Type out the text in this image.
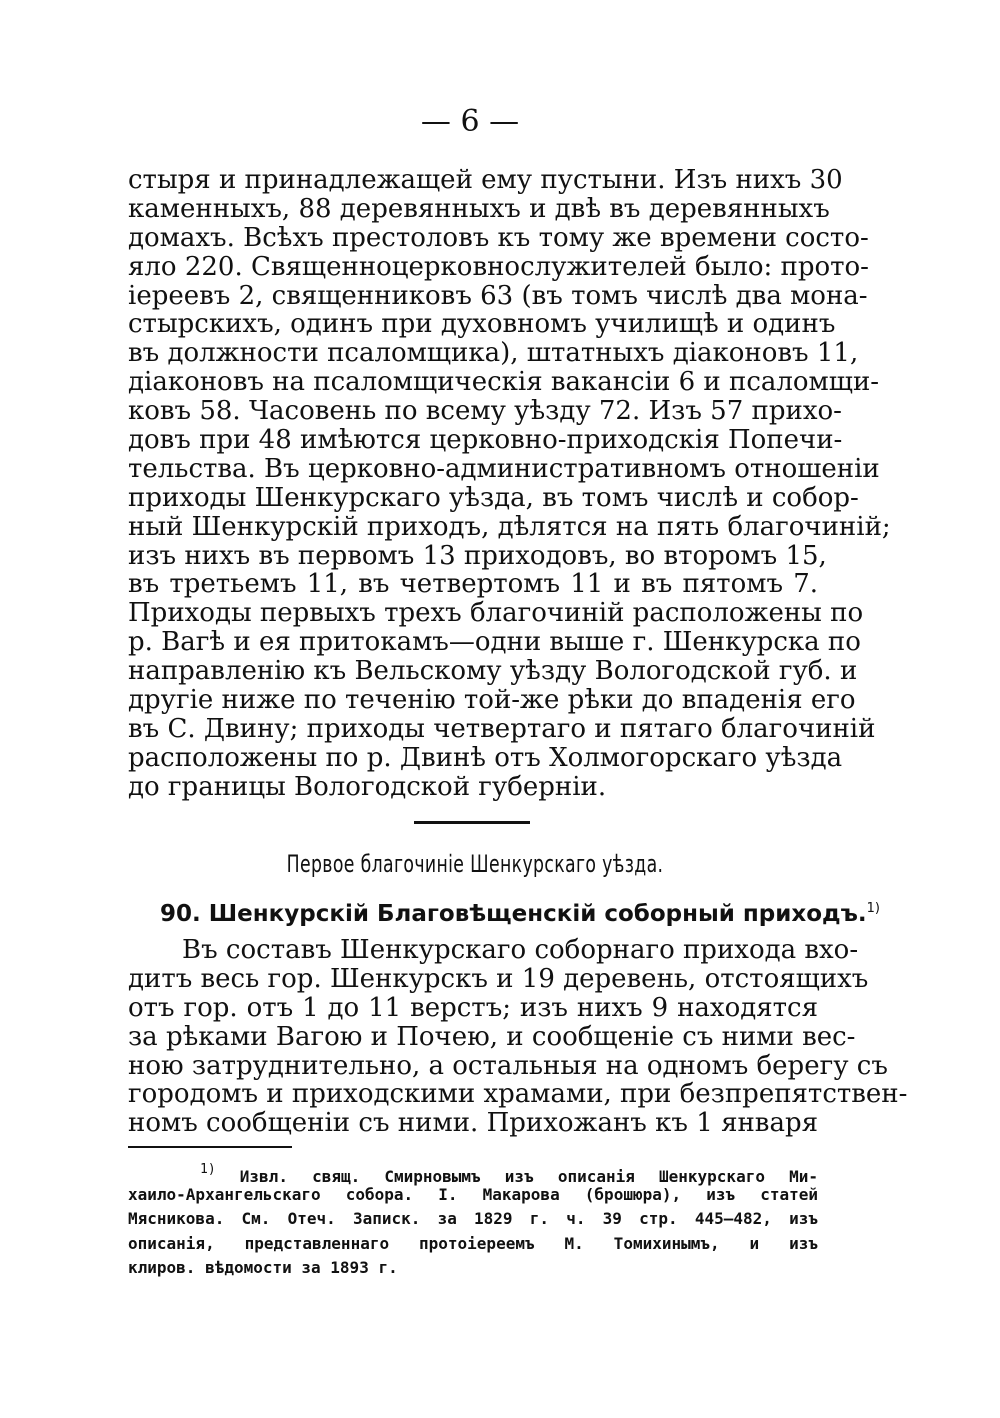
— 6 —
стыря и принадлежащей ему пустыни. Изъ нихъ 30
каменныхъ, 88 деревянныхъ и двѣ въ деревянныхъ
домахъ. Всѣхъ престоловъ къ тому же времени состо-
яло 220. Священноцерковнослужителей было: прото-
іереевъ 2, священниковъ 63 (въ томъ числѣ два мона-
стырскихъ, одинъ при духовномъ училищѣ и одинъ
въ должности псаломщика), штатныхъ діаконовъ 11,
діаконовъ на псаломщическія вакансіи 6 и псаломщи-
ковъ 58. Часовень по всему уѣзду 72. Изъ 57 прихо-
довъ при 48 имѣются церковно-приходскія Попечи-
тельства. Въ церковно-административномъ отношеніи
приходы Шенкурскаго уѣзда, въ томъ числѣ и собор-
ный Шенкурскій приходъ, дѣлятся на пять благочиній;
изъ нихъ въ первомъ 13 приходовъ, во второмъ 15,
въ третьемъ 11, въ четвертомъ 11 и въ пятомъ 7.
Приходы первыхъ трехъ благочиній расположены по
р. Вагѣ и ея притокамъ—одни выше г. Шенкурска по
направленію къ Вельскому уѣзду Вологодской губ. и
другіе ниже по теченію той-же рѣки до впаденія его
въ С. Двину; приходы четвертаго и пятаго благочиній
расположены по р. Двинѣ отъ Холмогорскаго уѣзда
до границы Вологодской губерніи.
Первое благочиніе Шенкурскаго уѣзда.
90. Шенкурскій Благовѣщенскій соборный приходъ.$^{1)}$
Въ составъ Шенкурскаго соборнаго прихода вхо-
дитъ весь гор. Шенкурскъ и 19 деревень, отстоящихъ
отъ гор. отъ 1 до 11 верстъ; изъ нихъ 9 находятся
за рѣками Вагою и Почею, и сообщеніе съ ними вес-
ною затруднительно, а остальныя на одномъ берегу съ
городомъ и приходскими храмами, при безпрепятствен-
номъ сообщеніи съ ними. Прихожанъ къ 1 января
$^{1)}$ Извл. свящ. Смирновымъ изъ описанія Шенкурскаго Ми-
хаило-Архангельскаго собора. І. Макарова (брошюра), изъ статей
Мясникова. См. Отеч. Записк. за 1829 г. ч. 39 стр. 445—482, изъ
описанія, представленнаго протоіереемъ М. Томихинымъ, и изъ
клиров. вѣдомости за 1893 г.
